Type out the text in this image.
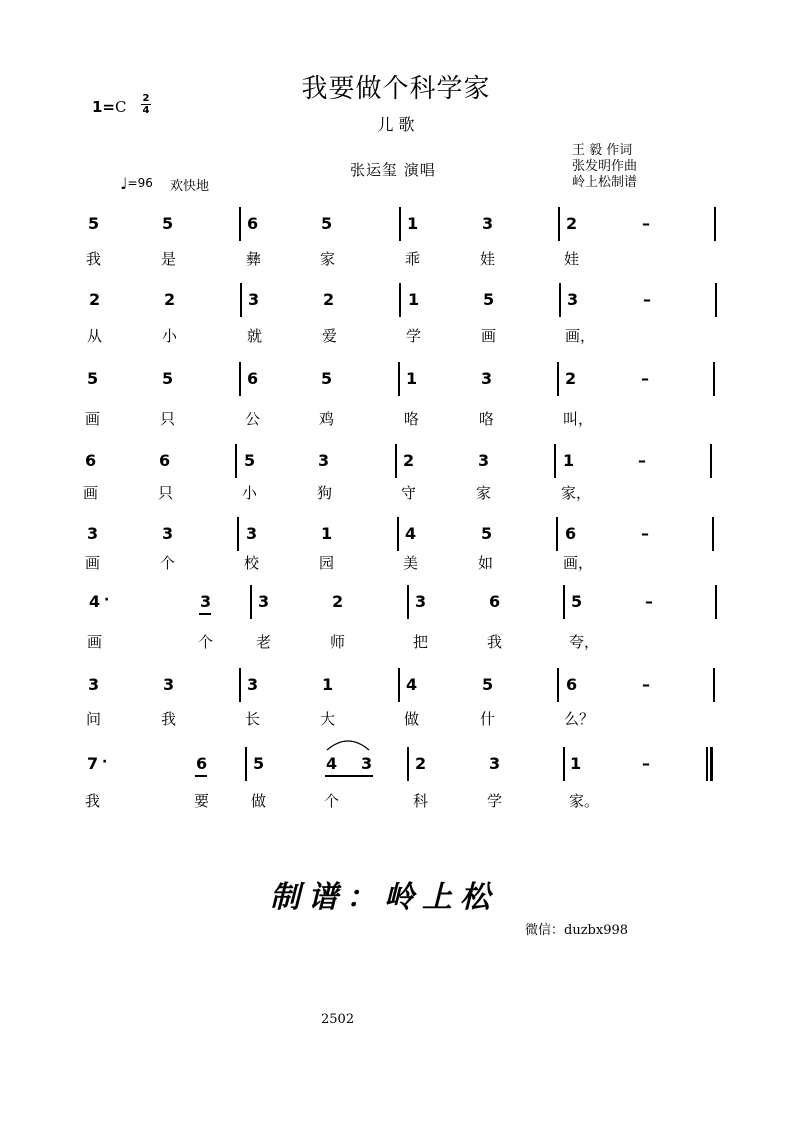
我要做个科学家
儿 歌
1=C 2
4
♩=96 欢快地
张运玺 演唱
王 毅 作词
张发明作曲
岭上松制谱
5	5	6	5	1	3	2	–
我	是	彝	家	乖	娃	娃
2	2	3	2	1	5	3	–
从	小	就	爱	学	画	画，
5	5	6	5	1	3	2	–
画	只	公	鸡	咯	咯	叫，
6	6	5	3	2	3	1	–
画	只	小	狗	守	家	家，
3	3	3	1	4	5	6	–
画	个	校	园	美	如	画，
4 ·	3	3	2	3	6	5	–
画	个	老	师	把	我	夸，
3	3	3	1	4	5	6	–
问	我	长	大	做	什	么？
7 ·	6	5	4 3	2	3	1	–
我	要	做	个	科	学	家。
制谱：岭上松
微信：duzbx998
2502
